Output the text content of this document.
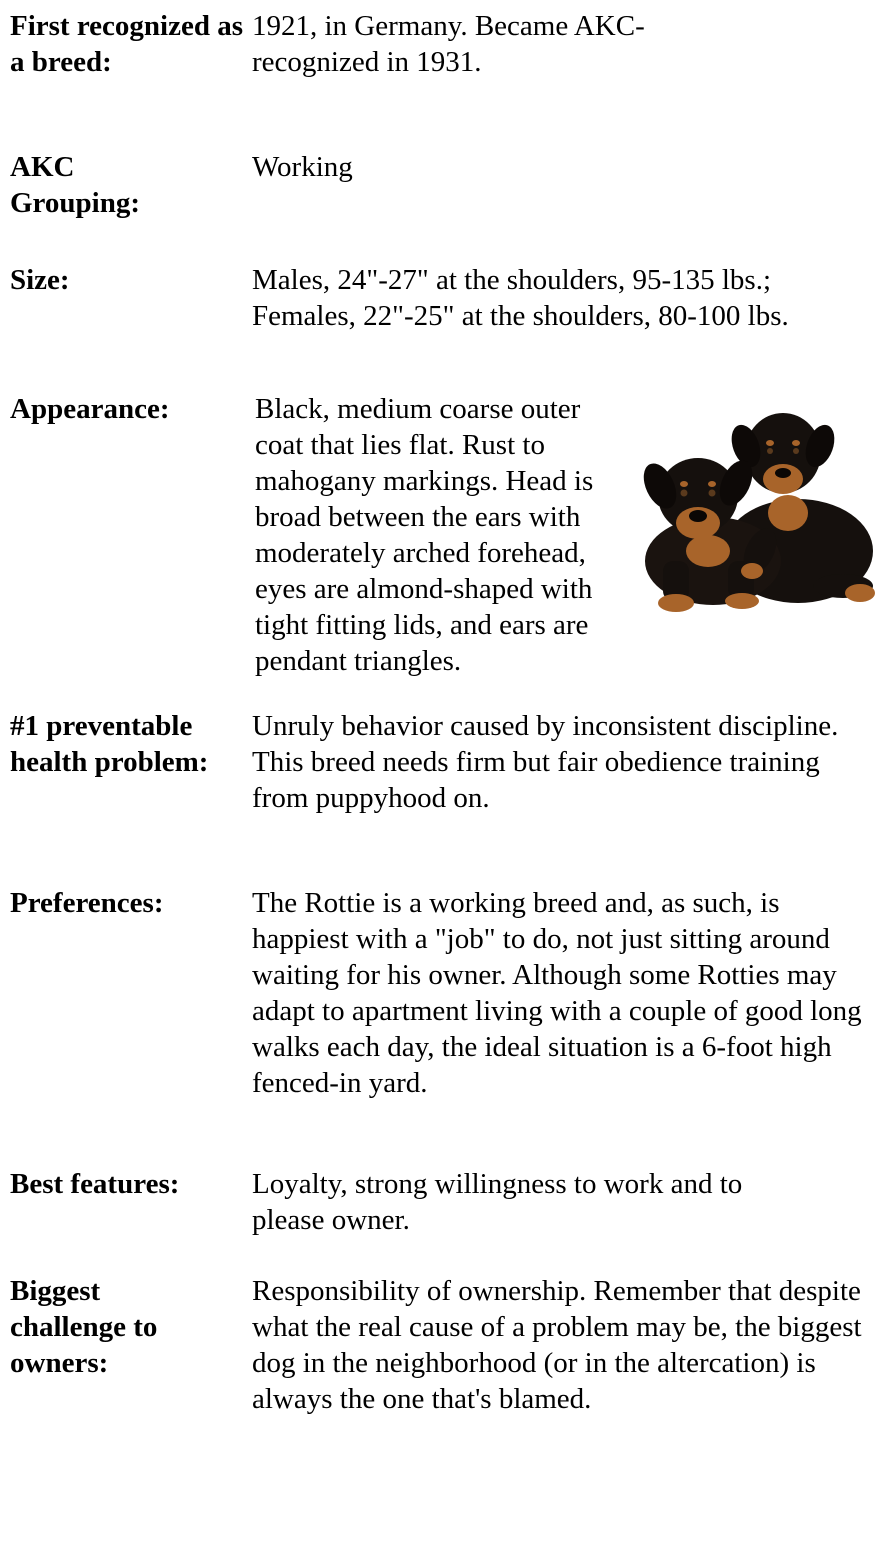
First recognized as a breed:
1921, in Germany. Became AKC-recognized in 1931.
AKC Grouping:
Working
Size:	Males, 24"-27" at the shoulders, 95-135 lbs.; Females, 22"-25" at the shoulders, 80-100 lbs.
Appearance:	Black, medium coarse outer coat that lies flat. Rust to mahogany markings. Head is broad between the ears with moderately arched forehead, eyes are almond-shaped with tight fitting lids, and ears are pendant triangles.
#1 preventable health problem:
Unruly behavior caused by inconsistent discipline. This breed needs firm but fair obedience training from puppyhood on.
Preferences:	The Rottie is a working breed and, as such, is happiest with a "job" to do, not just sitting around waiting for his owner. Although some Rotties may adapt to apartment living with a couple of good long walks each day, the ideal situation is a 6-foot high fenced-in yard.
Best features:	Loyalty, strong willingness to work and to please owner.
Biggest challenge to owners:
Responsibility of ownership. Remember that despite what the real cause of a problem may be, the biggest dog in the neighborhood (or in the altercation) is always the one that's blamed.
